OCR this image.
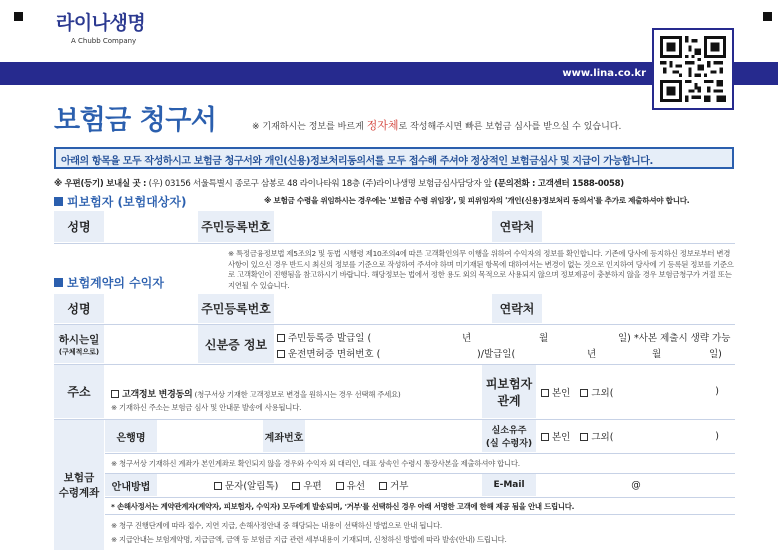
라이나생명
A Chubb Company
www.lina.co.kr
보험금 청구서	※ 기재하시는 정보를 바르게 정자체로 작성해주시면 빠른 보험금 심사를 받으실 수 있습니다.
아래의 항목을 모두 작성하시고 보험금 청구서와 개인(신용)정보처리동의서를 모두 접수해 주셔야 정상적인 보험금심사 및 지급이 가능합니다.
※ 우편(등기) 보내실 곳 : (우) 03156 서울특별시 종로구 삼봉로 48 라이나타워 18층 (주)라이나생명 보험금심사담당자 앞 (문의전화 : 고객센터 1588-0058)
피보험자 (보험대상자)	※ 보험금 수령을 위임하시는 경우에는 '보험금 수령 위임장', 및 피위임자의 '개인(신용)정보처리 동의서'를 추가로 제출하셔야 합니다.
성명	주민등록번호	연락처
※ 특정금융정보법 제5조의2 및 동법 시행령 제10조의4에 따른 고객확인의무 이행을 위하여 수익자의 정보를 확인합니다. 기존에 당사에 등지하신 정보로부터 변경사항이 있으신 경우 반드시 최신의 정보를 기준으로 작성하여 주셔야 하며 미기재된 항목에 대하여서는 변경이 없는 것으로 인지하여 당사에 기 등록된 정보를 기준으로 고객확인이 진행됨을 참고하시기 바랍니다. 해당정보는 법에서 정한 용도 외의 목적으로 사용되지 않으며 정보제공이 충분하지 않을 경우 보험금청구가 거절 또는 지연될 수 있습니다.
보험계약의 수익자
성명	주민등록번호	연락처
하시는일
(구체적으로)	신분증 정보	주민등록증 발급일 (	년	월	일) *사본 제출시 생략 가능
운전면허증 면허번호 (	)/발급일(	년	월	일)
주소	고객정보 변경동의 (청구서상 기재한 고객정보로 변경을 원하시는 경우 선택해 주세요)
※ 기재하신 주소는 보험금 심사 및 안내문 발송에 사용됩니다.
피보험자
관계
본인	그외(	)
보험금
수령계좌
은행명	계좌번호
실소유주
(실 수령자)
본인	그외(	)
※ 청구서상 기재하신 계좌가 본인계좌로 확인되지 않을 경우와 수익자 외 대리인, 대표 상속인 수령시 통장사본을 제출하셔야 합니다.
안내방법	문자(알림톡)	우편	유선	거부	E-Mail	@
* 손해사정서는 계약관계자(계약자, 피보험자, 수익자) 모두에게 발송되며, '거부'를 선택하신 경우 아래 서명한 고객에 한해 제공 됨을 안내 드립니다.
※ 청구 진행단계에 따라 접수, 지연 지급, 손해사정안내 중 해당되는 내용이 선택하신 방법으로 안내 됩니다.
※ 지급안내는 보험계약명, 지급금액, 금액 등 보험금 지급 관련 세부내용이 기재되며, 신청하신 방법에 따라 발송(안내) 드립니다.
